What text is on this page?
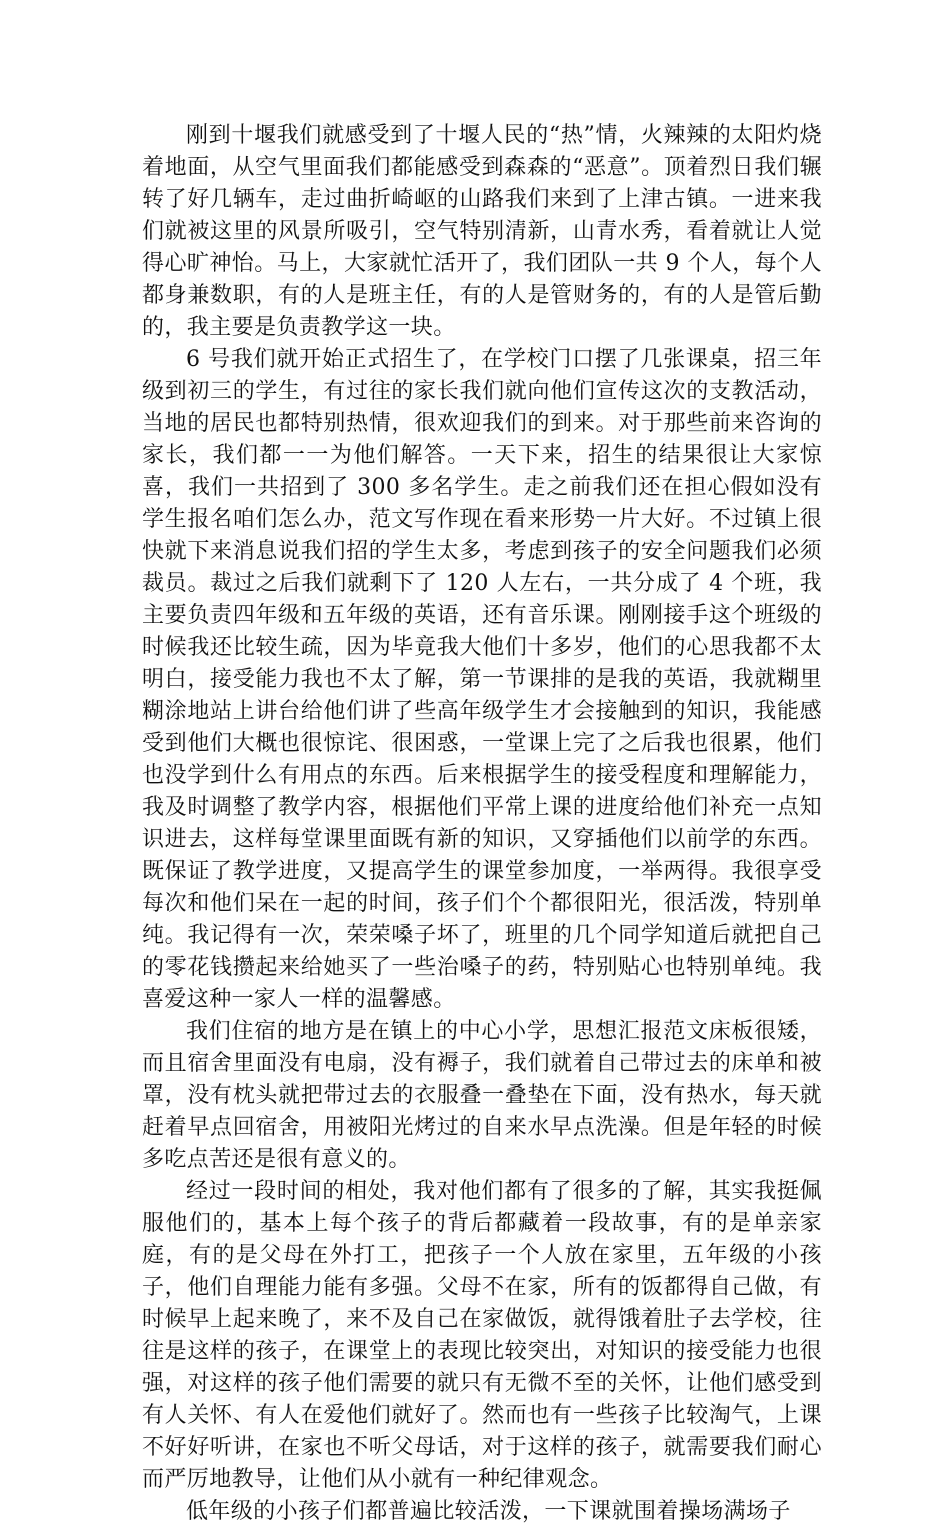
刚到十堰我们就感受到了十堰人民的“热”情，火辣辣的太阳灼烧着地面，从空气里面我们都能感受到森森的“恶意”。顶着烈日我们辗转了好几辆车，走过曲折崎岖的山路我们来到了上津古镇。一进来我们就被这里的风景所吸引，空气特别清新，山青水秀，看着就让人觉得心旷神怡。马上，大家就忙活开了，我们团队一共 9 个人，每个人都身兼数职，有的人是班主任，有的人是管财务的，有的人是管后勤的，我主要是负责教学这一块。

6 号我们就开始正式招生了，在学校门口摆了几张课桌，招三年级到初三的学生，有过往的家长我们就向他们宣传这次的支教活动，当地的居民也都特别热情，很欢迎我们的到来。对于那些前来咨询的家长，我们都一一为他们解答。一天下来，招生的结果很让大家惊喜，我们一共招到了 300 多名学生。走之前我们还在担心假如没有学生报名咱们怎么办，范文写作现在看来形势一片大好。不过镇上很快就下来消息说我们招的学生太多，考虑到孩子的安全问题我们必须裁员。裁过之后我们就剩下了 120 人左右，一共分成了 4 个班，我主要负责四年级和五年级的英语，还有音乐课。刚刚接手这个班级的时候我还比较生疏，因为毕竟我大他们十多岁，他们的心思我都不太明白，接受能力我也不太了解，第一节课排的是我的英语，我就糊里糊涂地站上讲台给他们讲了些高年级学生才会接触到的知识，我能感受到他们大概也很惊诧、很困惑，一堂课上完了之后我也很累，他们也没学到什么有用点的东西。后来根据学生的接受程度和理解能力，我及时调整了教学内容，根据他们平常上课的进度给他们补充一点知识进去，这样每堂课里面既有新的知识，又穿插他们以前学的东西。既保证了教学进度，又提高学生的课堂参加度，一举两得。我很享受每次和他们呆在一起的时间，孩子们个个都很阳光，很活泼，特别单纯。我记得有一次，荣荣嗓子坏了，班里的几个同学知道后就把自己的零花钱攒起来给她买了一些治嗓子的药，特别贴心也特别单纯。我喜爱这种一家人一样的温馨感。

我们住宿的地方是在镇上的中心小学，思想汇报范文床板很矮，而且宿舍里面没有电扇，没有褥子，我们就着自己带过去的床单和被罩，没有枕头就把带过去的衣服叠一叠垫在下面，没有热水，每天就赶着早点回宿舍，用被阳光烤过的自来水早点洗澡。但是年轻的时候多吃点苦还是很有意义的。

经过一段时间的相处，我对他们都有了很多的了解，其实我挺佩服他们的，基本上每个孩子的背后都藏着一段故事，有的是单亲家庭，有的是父母在外打工，把孩子一个人放在家里，五年级的小孩子，他们自理能力能有多强。父母不在家，所有的饭都得自己做，有时候早上起来晚了，来不及自己在家做饭，就得饿着肚子去学校，往往是这样的孩子，在课堂上的表现比较突出，对知识的接受能力也很强，对这样的孩子他们需要的就只有无微不至的关怀，让他们感受到有人关怀、有人在爱他们就好了。然而也有一些孩子比较淘气，上课不好好听讲，在家也不听父母话，对于这样的孩子，就需要我们耐心而严厉地教导，让他们从小就有一种纪律观念。

低年级的小孩子们都普遍比较活泼，一下课就围着操场满场子
